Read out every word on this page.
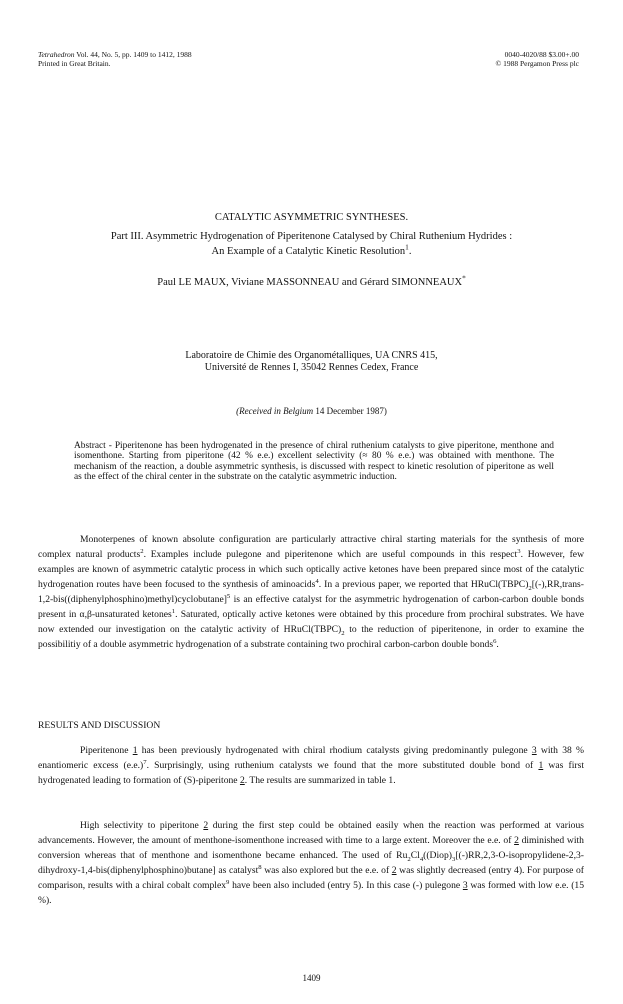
Tetrahedron Vol. 44, No. 5, pp. 1409 to 1412, 1988
Printed in Great Britain.
0040-4020/88 $3.00+.00
© 1988 Pergamon Press plc
CATALYTIC ASYMMETRIC SYNTHESES.
Part III. Asymmetric Hydrogenation of Piperitenone Catalysed by Chiral Ruthenium Hydrides :
An Example of a Catalytic Kinetic Resolution$^1$.
Paul LE MAUX, Viviane MASSONNEAU and Gérard SIMONNEAUX*
Laboratoire de Chimie des Organométalliques, UA CNRS 415,
Université de Rennes I, 35042 Rennes Cedex, France
(Received in Belgium 14 December 1987)
Abstract - Piperitenone has been hydrogenated in the presence of chiral ruthenium catalysts to give piperitone, menthone and isomenthone. Starting from piperitone (42 % e.e.) excellent selectivity (≈ 80 % e.e.) was obtained with menthone. The mechanism of the reaction, a double asymmetric synthesis, is discussed with respect to kinetic resolution of piperitone as well as the effect of the chiral center in the substrate on the catalytic asymmetric induction.
Monoterpenes of known absolute configuration are particularly attractive chiral starting materials for the synthesis of more complex natural products$^2$. Examples include pulegone and piperitenone which are useful compounds in this respect$^3$. However, few examples are known of asymmetric catalytic process in which such optically active ketones have been prepared since most of the catalytic hydrogenation routes have been focused to the synthesis of aminoacids$^4$. In a previous paper, we reported that $HRuCl(TBPC)_2[(-),RR,trans-1,2-bis((diphenylphosphino)methyl)cyclobutane]^5$ is an effective catalyst for the asymmetric hydrogenation of carbon-carbon double bonds present in α,β-unsaturated ketones$^1$. Saturated, optically active ketones were obtained by this procedure from prochiral substrates. We have now extended our investigation on the catalytic activity of $HRuCl(TBPC)_2$ to the reduction of piperitenone, in order to examine the possibilitiy of a double asymmetric hydrogenation of a substrate containing two prochiral carbon-carbon double bonds$^6$.
RESULTS AND DISCUSSION
Piperitenone 1 has been previously hydrogenated with chiral rhodium catalysts giving predominantly pulegone 3 with 38 % enantiomeric excess $(e.e.)^7$. Surprisingly, using ruthenium catalysts we found that the more substituted double bond of 1 was first hydrogenated leading to formation of (S)-piperitone 2. The results are summarized in table 1.
High selectivity to piperitone 2 during the first step could be obtained easily when the reaction was performed at various advancements. However, the amount of menthone-isomenthone increased with time to a large extent. Moreover the e.e. of 2 diminished with conversion whereas that of menthone and isomenthone became enhanced. The used of $Ru_2Cl_4((Diop)_3[(-)RR,2,3-O-isopropylidene-2,3-dihydroxy-1,4-bis(diphenylphosphino)butane]$ as catalyst$^8$ was also explored but the e.e. of 2 was slightly decreased (entry 4). For purpose of comparison, results with a chiral cobalt complex$^9$ have been also included (entry 5). In this case (-) pulegone 3 was formed with low e.e. (15 %).
1409
